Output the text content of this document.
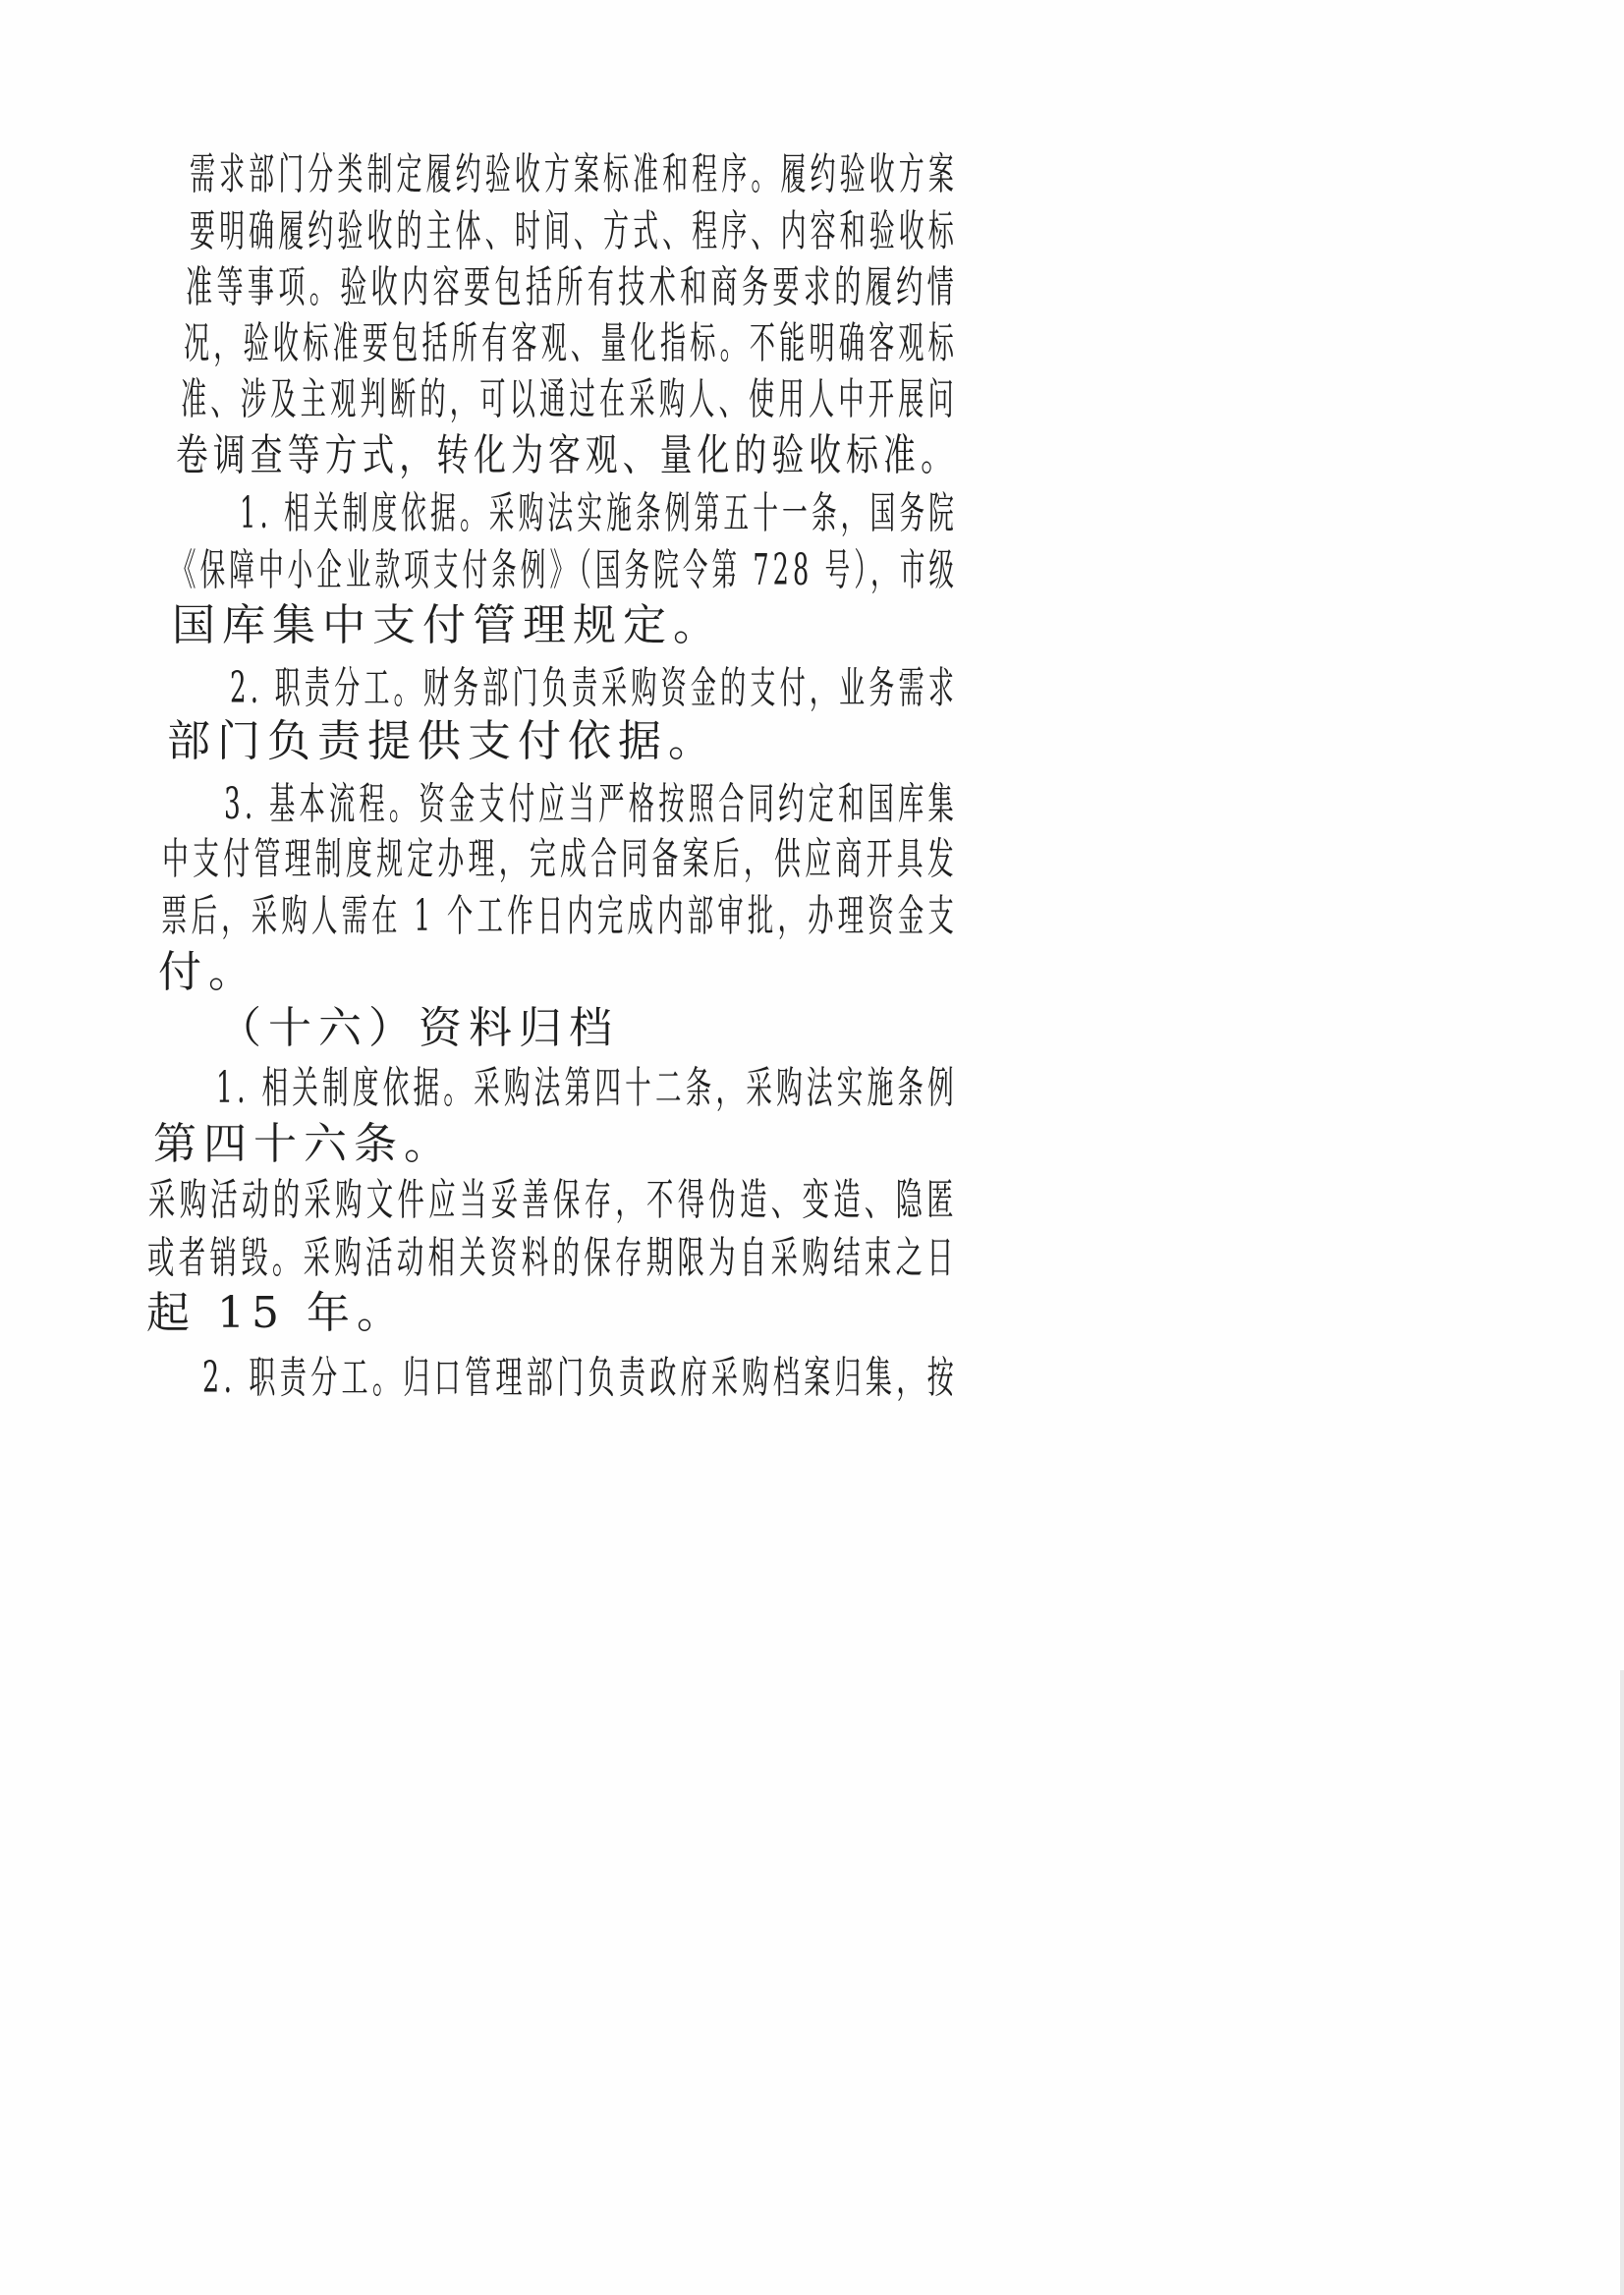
需求部门分类制定履约验收方案标准和程序。履约验收方案
要明确履约验收的主体、时间、方式、程序、内容和验收标
准等事项。验收内容要包括所有技术和商务要求的履约情
况，验收标准要包括所有客观、量化指标。不能明确客观标
准、涉及主观判断的，可以通过在采购人、使用人中开展问
卷调查等方式，转化为客观、量化的验收标准。
1. 相关制度依据。采购法实施条例第五十一条，国务院
《保障中小企业款项支付条例》（国务院令第 728 号），市级
国库集中支付管理规定。
2. 职责分工。财务部门负责采购资金的支付，业务需求
部门负责提供支付依据。
3. 基本流程。资金支付应当严格按照合同约定和国库集
中支付管理制度规定办理，完成合同备案后，供应商开具发
票后，采购人需在 1 个工作日内完成内部审批，办理资金支
付。
（十六）资料归档
1. 相关制度依据。采购法第四十二条，采购法实施条例
第四十六条。
采购活动的采购文件应当妥善保存，不得伪造、变造、隐匿
或者销毁。采购活动相关资料的保存期限为自采购结束之日
起 15 年。
2. 职责分工。归口管理部门负责政府采购档案归集，按
